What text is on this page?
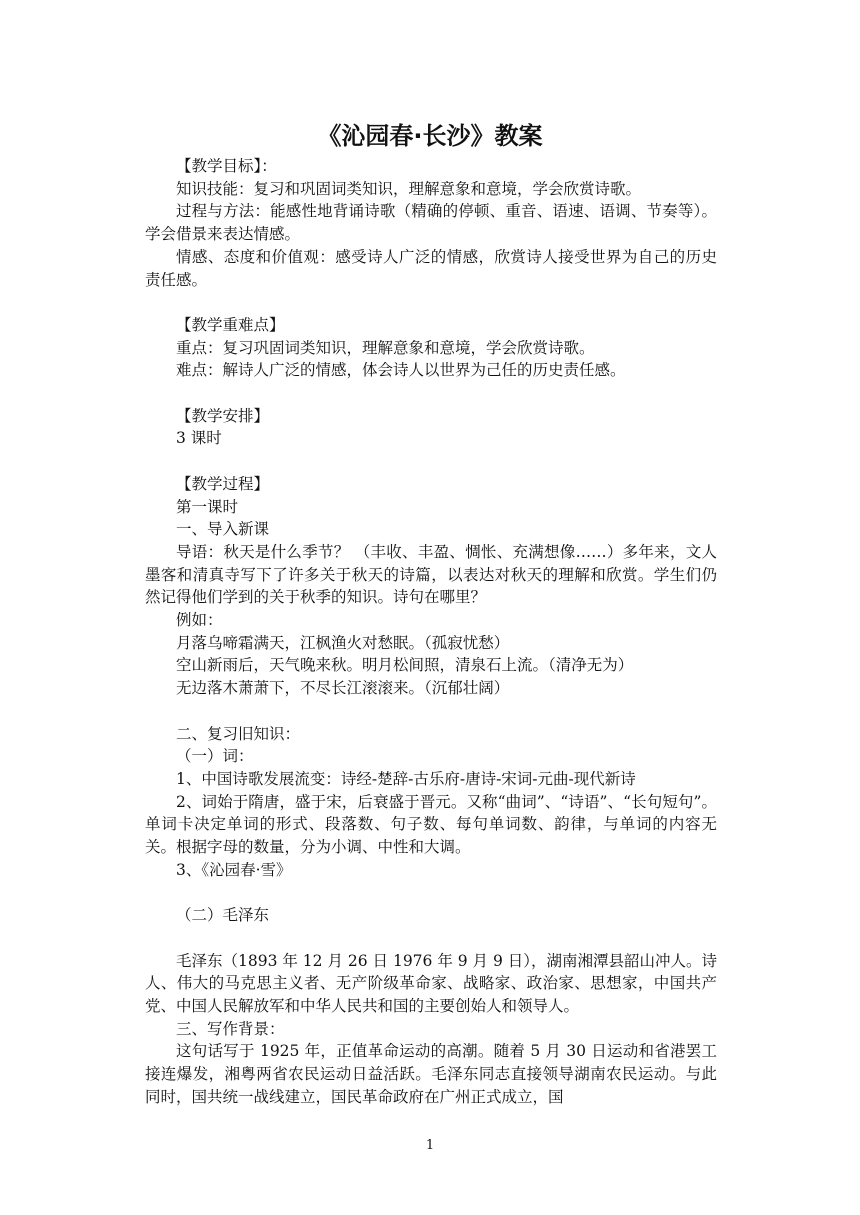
《沁园春·长沙》教案

【教学目标】：

知识技能：复习和巩固词类知识，理解意象和意境，学会欣赏诗歌。

过程与方法：能感性地背诵诗歌（精确的停顿、重音、语速、语调、节奏等）。学会借景来表达情感。

情感、态度和价值观：感受诗人广泛的情感，欣赏诗人接受世界为自己的历史责任感。

【教学重难点】

重点：复习巩固词类知识，理解意象和意境，学会欣赏诗歌。

难点：解诗人广泛的情感，体会诗人以世界为己任的历史责任感。

【教学安排】

3 课时

【教学过程】

第一课时

一、导入新课

导语：秋天是什么季节？ （丰收、丰盈、惆怅、充满想像……）多年来，文人墨客和清真寺写下了许多关于秋天的诗篇，以表达对秋天的理解和欣赏。学生们仍然记得他们学到的关于秋季的知识。诗句在哪里？

例如：

月落乌啼霜满天，江枫渔火对愁眠。（孤寂忧愁）

空山新雨后，天气晚来秋。明月松间照，清泉石上流。（清净无为）

无边落木萧萧下，不尽长江滚滚来。（沉郁壮阔）

二、复习旧知识：

（一）词：

1、中国诗歌发展流变：诗经-楚辞-古乐府-唐诗-宋词-元曲-现代新诗

2、词始于隋唐，盛于宋，后衰盛于晋元。又称“曲词”、“诗语”、“长句短句”。单词卡决定单词的形式、段落数、句子数、每句单词数、韵律，与单词的内容无关。根据字母的数量，分为小调、中性和大调。

3、《沁园春·雪》

（二）毛泽东

毛泽东（1893 年 12 月 26 日 1976 年 9 月 9 日），湖南湘潭县韶山冲人。诗人、伟大的马克思主义者、无产阶级革命家、战略家、政治家、思想家，中国共产党、中国人民解放军和中华人民共和国的主要创始人和领导人。

三、写作背景：

这句话写于 1925 年，正值革命运动的高潮。随着 5 月 30 日运动和省港罢工接连爆发，湘粤两省农民运动日益活跃。毛泽东同志直接领导湖南农民运动。与此同时，国共统一战线建立，国民革命政府在广州正式成立，国

1
